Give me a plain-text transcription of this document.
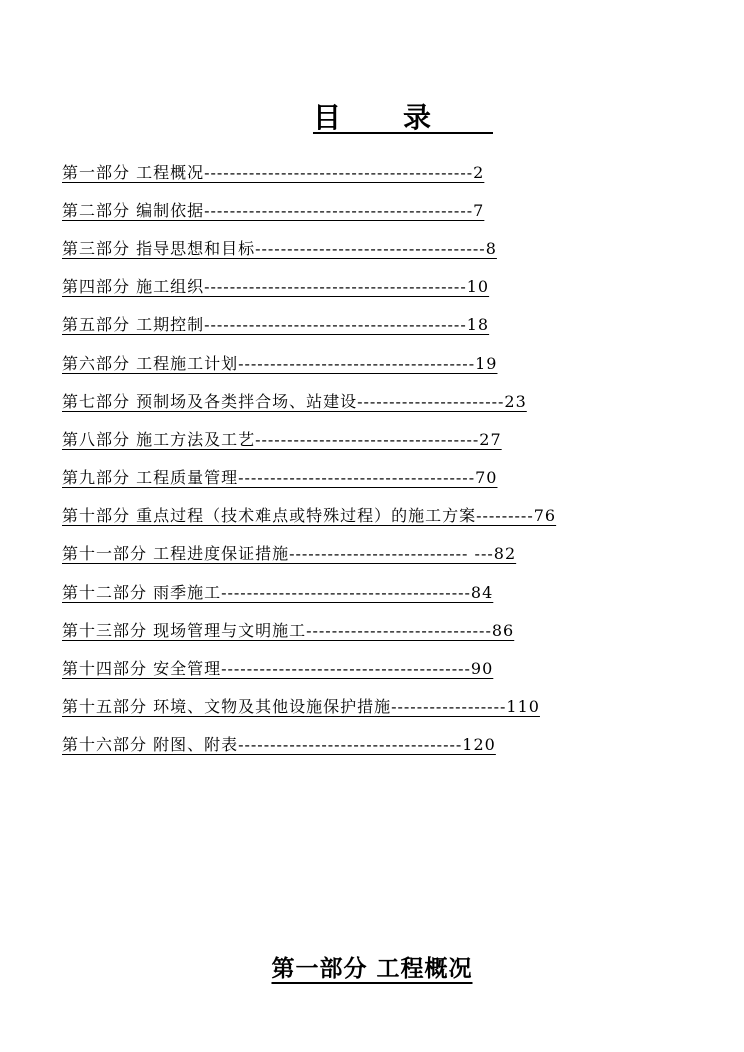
目录
第一部分 工程概况------------------------------------------2
第二部分 编制依据------------------------------------------7
第三部分 指导思想和目标------------------------------------8
第四部分 施工组织-----------------------------------------10
第五部分 工期控制-----------------------------------------18
第六部分 工程施工计划-------------------------------------19
第七部分 预制场及各类拌合场、站建设-----------------------23
第八部分 施工方法及工艺-----------------------------------27
第九部分 工程质量管理-------------------------------------70
第十部分 重点过程（技术难点或特殊过程）的施工方案---------76
第十一部分 工程进度保证措施---------------------------- ---82
第十二部分 雨季施工---------------------------------------84
第十三部分 现场管理与文明施工-----------------------------86
第十四部分 安全管理---------------------------------------90
第十五部分 环境、文物及其他设施保护措施------------------110
第十六部分 附图、附表-----------------------------------120
第一部分 工程概况
